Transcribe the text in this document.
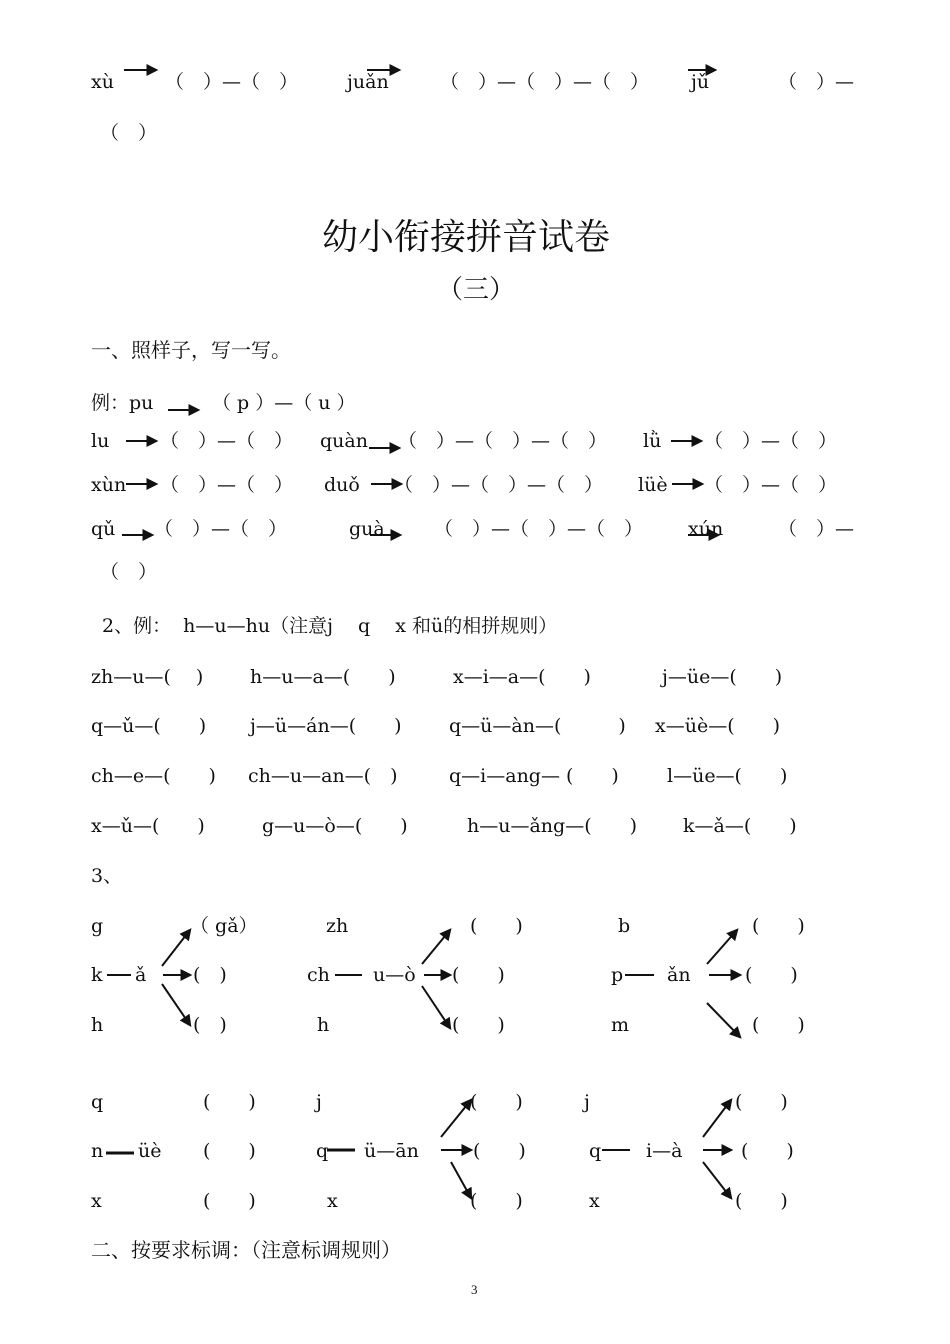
xù	（　）—（　）	juǎn	（　）—（　）—（　） jǔ	（　）—
（　）
幼小衔接拼音试卷
（三）
一、照样子，写一写。
例：pu	（ p ）—（ u ）
lu	（　）—（　） quàn （　）—（　）—（　） lǜ （　）—（　）
xùn （　）—（　） duǒ （　）—（　）—（　） lüè （　）—（　）
qǔ （　）—（　）	guà	（　）—（　）—（　） xún	（　）—
（　）
2、例：  h—u—hu（注意j　 q　 x 和ü的相拼规则）
zh—u—(　 ) h—u—a—(　　)	x—i—a—(　　)	j—üe—(　　)
q—ǔ—(　　) j—ü—án—(　　) q—ü—àn—(　　　) x—üè—(　　)
ch—e—(　　) ch—u—an—(　)	q—i—ang— (　　)	l—üe—(　　)
x—ǔ—(　　)	g—u—ò—(　　)	h—u—ǎng—(　　) k—ǎ—(　　)
3、
g
k
h
ǎ
（ gǎ）
(　)
(　)
zh
ch
h
u—ò
(　　)
(　　)
(　　)
b
p
m
ǎn
(　　)
(　　)
(　　)
q
n
x
üè
(　　)
(　　)
(　　)
j
q
x
ü—ān
(　　)
(　　)
(　　)
j
q
x
i—à
(　　)
(　　)
(　　)
二、按要求标调：（注意标调规则）
3
